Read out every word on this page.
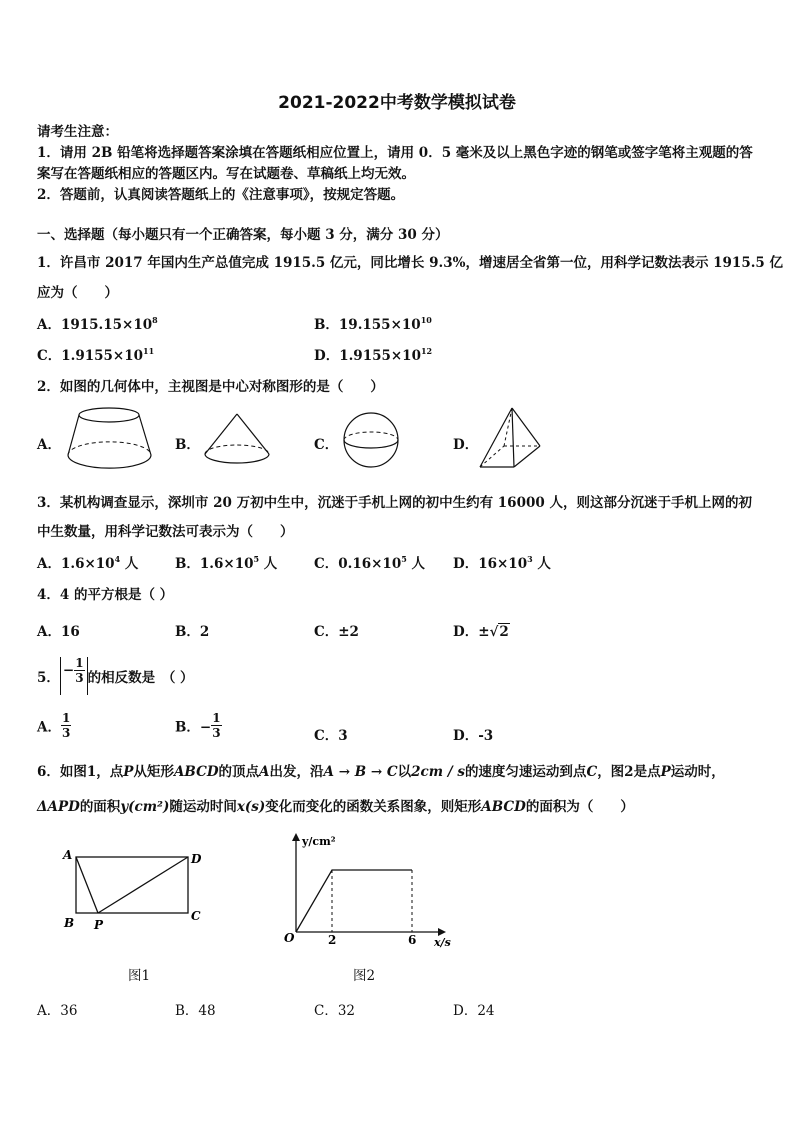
2021-2022中考数学模拟试卷
请考生注意：
1．请用 2B 铅笔将选择题答案涂填在答题纸相应位置上，请用 0．5 毫米及以上黑色字迹的钢笔或签字笔将主观题的答
案写在答题纸相应的答题区内。写在试题卷、草稿纸上均无效。
2．答题前，认真阅读答题纸上的《注意事项》，按规定答题。
一、选择题（每小题只有一个正确答案，每小题 3 分，满分 30 分）
1．许昌市 2017 年国内生产总值完成 1915.5 亿元，同比增长 9.3%，增速居全省第一位，用科学记数法表示 1915.5 亿
应为（　　）
A．$1915.15\times 10^8$	B．$19.155\times 10^{10}$
C．$1.9155\times 10^{11}$	D．$1.9155\times 10^{12}$
2．如图的几何体中，主视图是中心对称图形的是（　　）
A．	B．	C．	D．
3．某机构调查显示，深圳市 20 万初中生中，沉迷于手机上网的初中生约有 16000 人，则这部分沉迷于手机上网的初
中生数量，用科学记数法可表示为（　　）
A．$1.6\times 10^4$ 人	B．$1.6\times 10^5$ 人	C．$0.16\times 10^5$ 人 D．$16\times 10^3$ 人
4．4 的平方根是（ ）
A．16	B．2	C．±2	D．±√2
5． − $\frac{1}{3}$ 的相反数是　（ ）
A． $\frac{1}{3}$	B．− $\frac{1}{3}$	C．3	D．-3
6．如图1，点P从矩形ABCD的顶点A出发，沿A → B → C以2cm / s的速度匀速运动到点C，图2是点P运动时，
ΔAPD的面积y(cm²)随运动时间x(s)变化而变化的函数关系图象，则矩形ABCD的面积为（　　）
A
B P
D
C
图1
y/cm²
O	2	6 x/s
图2
A．36	B．48	C．32	D．24
